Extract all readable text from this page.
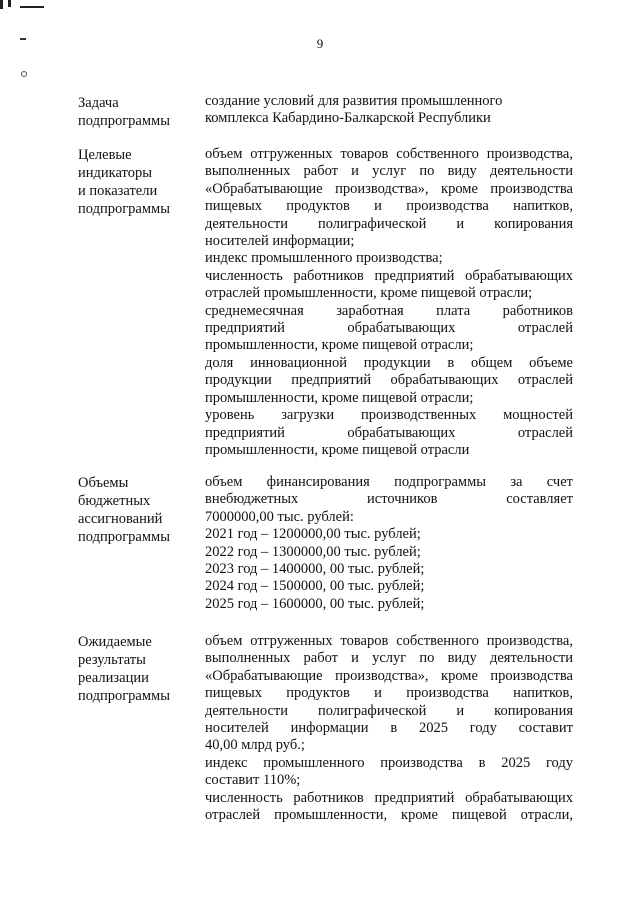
9
Задача
подпрограммы
создание условий для развития промышленного
комплекса Кабардино-Балкарской Республики
Целевые
индикаторы
и показатели
подпрограммы
объем отгруженных товаров собственного производства,
выполненных работ и услуг по виду деятельности
«Обрабатывающие производства», кроме производства
пищевых продуктов и производства напитков,
деятельности полиграфической и копирования
носителей информации;
индекс промышленного производства;
численность работников предприятий обрабатывающих
отраслей промышленности, кроме пищевой отрасли;
среднемесячная заработная плата работников
предприятий обрабатывающих отраслей
промышленности, кроме пищевой отрасли;
доля инновационной продукции в общем объеме
продукции предприятий обрабатывающих отраслей
промышленности, кроме пищевой отрасли;
уровень загрузки производственных мощностей
предприятий обрабатывающих отраслей
промышленности, кроме пищевой отрасли
Объемы
бюджетных
ассигнований
подпрограммы
объем финансирования подпрограммы за счет
внебюджетных источников составляет
7000000,00 тыс. рублей:
2021 год – 1200000,00 тыс. рублей;
2022 год – 1300000,00 тыс. рублей;
2023 год – 1400000, 00 тыс. рублей;
2024 год – 1500000, 00 тыс. рублей;
2025 год – 1600000, 00 тыс. рублей;
Ожидаемые
результаты
реализации
подпрограммы
объем отгруженных товаров собственного производства,
выполненных работ и услуг по виду деятельности
«Обрабатывающие производства», кроме производства
пищевых продуктов и производства напитков,
деятельности полиграфической и копирования
носителей информации в 2025 году составит
40,00 млрд руб.;
индекс промышленного производства в 2025 году
составит 110%;
численность работников предприятий обрабатывающих
отраслей промышленности, кроме пищевой отрасли,
